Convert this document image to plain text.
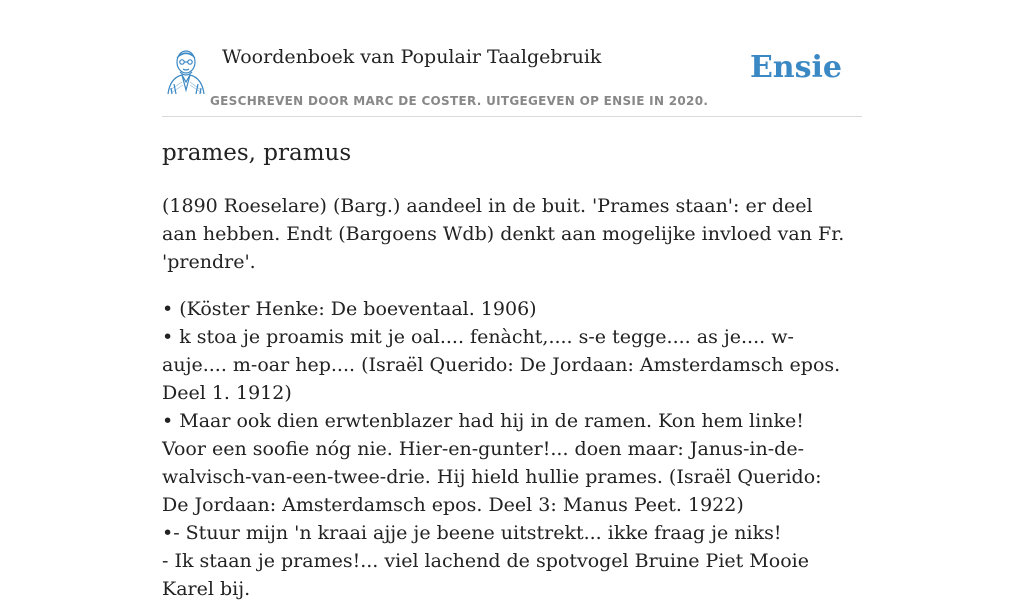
Woordenboek van Populair Taalgebruik
GESCHREVEN DOOR MARC DE COSTER. UITGEGEVEN OP ENSIE IN 2020.
Ensie
prames, pramus

(1890 Roeselare) (Barg.) aandeel in de buit. 'Prames staan': er deel aan hebben. Endt (Bargoens Wdb) denkt aan mogelijke invloed van Fr. 'prendre'.

• (Köster Henke: De boeventaal. 1906)
• k stoa je proamis mit je oal.... fenàcht,.... s-e tegge.... as je.... w-auje.... m-oar hep.... (Israël Querido: De Jordaan: Amsterdamsch epos. Deel 1. 1912)
• Maar ook dien erwtenblazer had hij in de ramen. Kon hem linke! Voor een soofie nóg nie. Hier-en-gunter!... doen maar: Janus-in-de-walvisch-van-een-twee-drie. Hij hield hullie prames. (Israël Querido: De Jordaan: Amsterdamsch epos. Deel 3: Manus Peet. 1922)
•- Stuur mijn 'n kraai ajje je beene uitstrekt... ikke fraag je niks!
- Ik staan je prames!... viel lachend de spotvogel Bruine Piet Mooie Karel bij.
